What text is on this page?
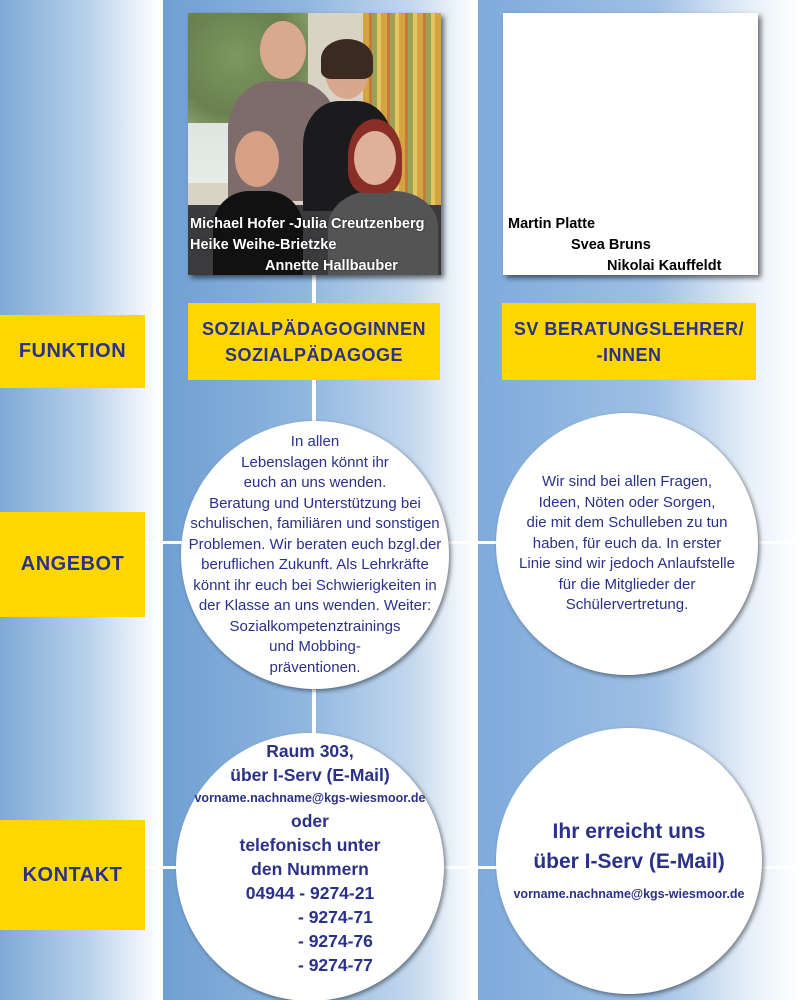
Michael Hofer -Julia Creutzenberg
Heike Weihe-Brietzke
Annette Hallbauber
Martin Platte
Svea Bruns
Nikolai Kauffeldt
FUNKTION
ANGEBOT
KONTAKT
SOZIALPÄDAGOGINNEN
SOZIALPÄDAGOGE
SV BERATUNGSLEHRER/
-INNEN
In allen
Lebenslagen könnt ihr
euch an uns wenden.
Beratung und Unterstützung bei
schulischen, familiären und sonstigen
Problemen. Wir beraten euch bzgl.der
beruflichen Zukunft. Als Lehrkräfte
könnt ihr euch bei Schwierigkeiten in
der Klasse an uns wenden. Weiter:
Sozialkompetenztrainings
und Mobbing-
präventionen.
Wir sind bei allen Fragen,
Ideen, Nöten oder Sorgen,
die mit dem Schulleben zu tun
haben, für euch da. In erster
Linie sind wir jedoch Anlaufstelle
für die Mitglieder der
Schülervertretung.
Raum 303,
über I-Serv (E-Mail)
vorname.nachname@kgs-wiesmoor.de
oder
telefonisch unter
den Nummern
04944 - 9274-21
- 9274-71
- 9274-76
- 9274-77
Ihr erreicht uns
über I-Serv (E-Mail)
vorname.nachname@kgs-wiesmoor.de
